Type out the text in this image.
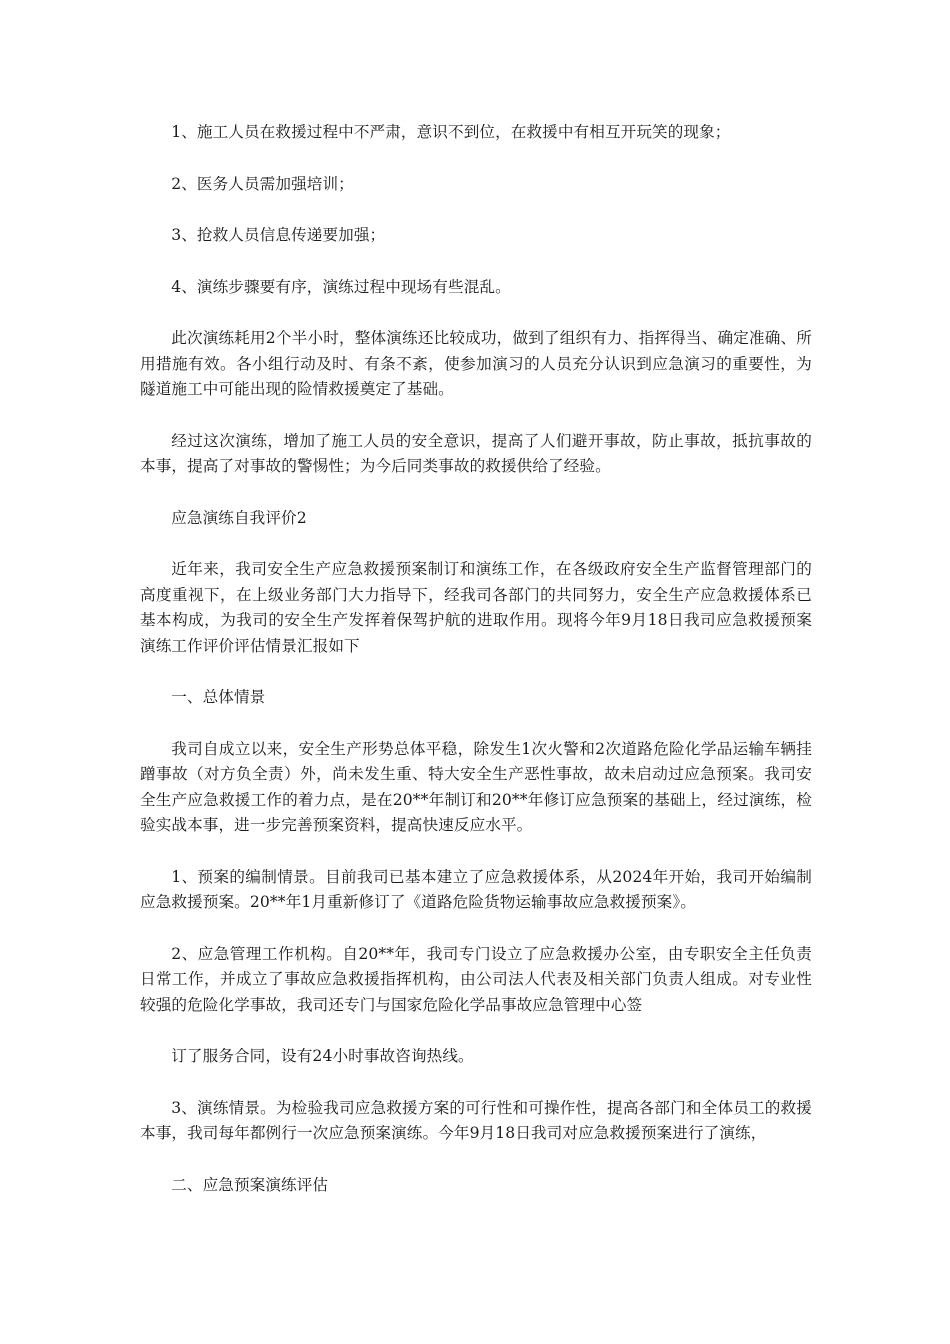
1、施工人员在救援过程中不严肃，意识不到位，在救援中有相互开玩笑的现象；

2、医务人员需加强培训；

3、抢救人员信息传递要加强；

4、演练步骤要有序，演练过程中现场有些混乱。

此次演练耗用2个半小时，整体演练还比较成功，做到了组织有力、指挥得当、确定准确、所用措施有效。各小组行动及时、有条不紊，使参加演习的人员充分认识到应急演习的重要性，为隧道施工中可能出现的险情救援奠定了基础。

经过这次演练，增加了施工人员的安全意识，提高了人们避开事故，防止事故，抵抗事故的本事，提高了对事故的警惕性；为今后同类事故的救援供给了经验。

应急演练自我评价2

近年来，我司安全生产应急救援预案制订和演练工作，在各级政府安全生产监督管理部门的高度重视下，在上级业务部门大力指导下，经我司各部门的共同努力，安全生产应急救援体系已基本构成，为我司的安全生产发挥着保驾护航的进取作用。现将今年9月18日我司应急救援预案演练工作评价评估情景汇报如下

一、总体情景

我司自成立以来，安全生产形势总体平稳，除发生1次火警和2次道路危险化学品运输车辆挂蹭事故（对方负全责）外，尚未发生重、特大安全生产恶性事故，故未启动过应急预案。我司安全生产应急救援工作的着力点，是在20**年制订和20**年修订应急预案的基础上，经过演练，检验实战本事，进一步完善预案资料，提高快速反应水平。

1、预案的编制情景。目前我司已基本建立了应急救援体系，从2024年开始，我司开始编制应急救援预案。20**年1月重新修订了《道路危险货物运输事故应急救援预案》。

2、应急管理工作机构。自20**年，我司专门设立了应急救援办公室，由专职安全主任负责日常工作，并成立了事故应急救援指挥机构，由公司法人代表及相关部门负责人组成。对专业性较强的危险化学事故，我司还专门与国家危险化学品事故应急管理中心签

订了服务合同，设有24小时事故咨询热线。

3、演练情景。为检验我司应急救援方案的可行性和可操作性，提高各部门和全体员工的救援本事，我司每年都例行一次应急预案演练。今年9月18日我司对应急救援预案进行了演练，

二、应急预案演练评估
